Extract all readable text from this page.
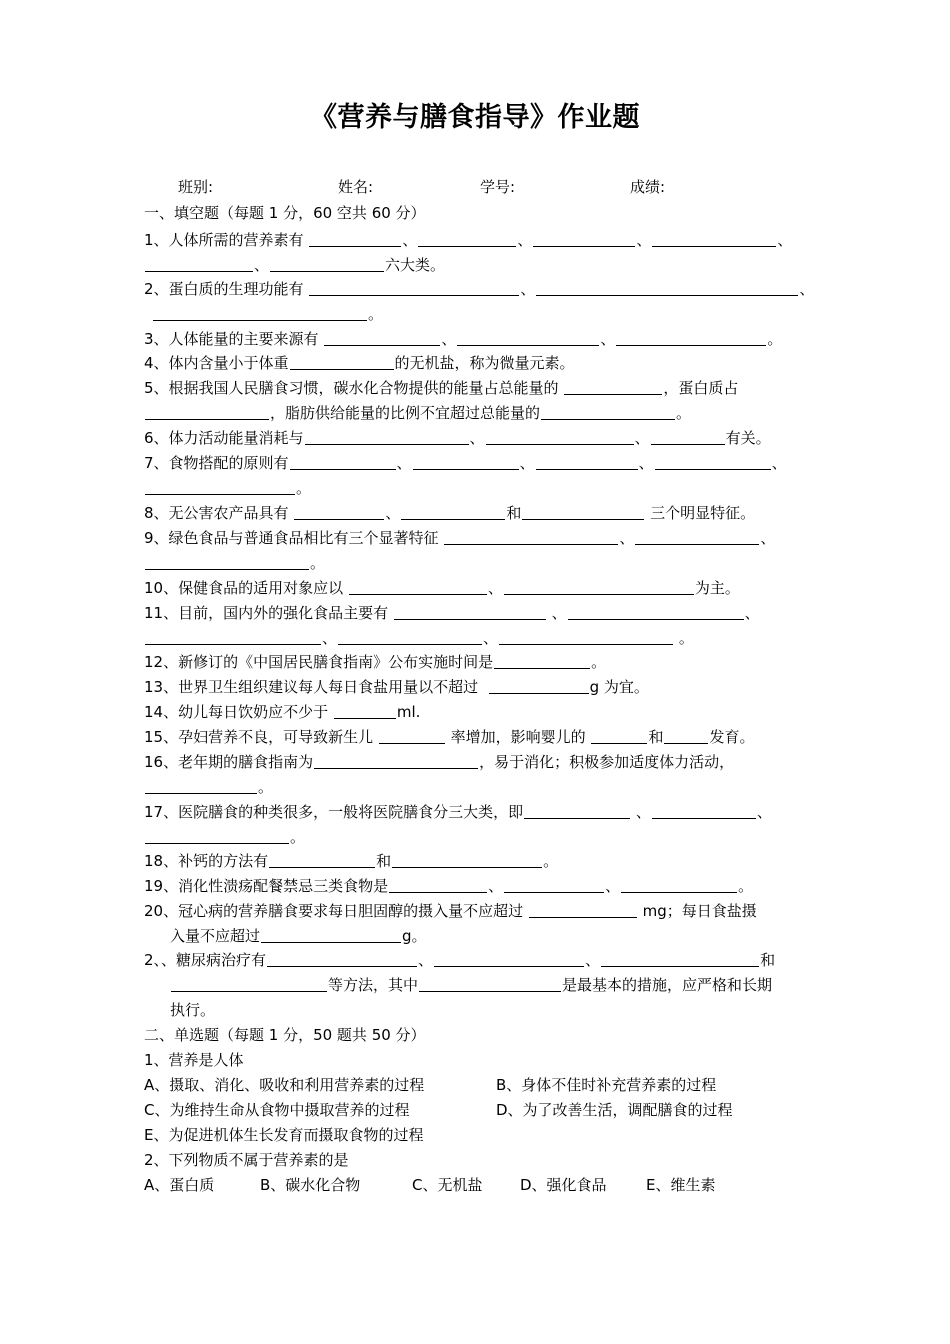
《营养与膳食指导》作业题
班别:	姓名:	学号:	成绩:
一、填空题（每题 1 分，60 空共 60 分）
1、人体所需的营养素有	、	、	、	、
、	六大类。
2、蛋白质的生理功能有	、	、
。
3、人体能量的主要来源有	、	、	。
4、体内含量小于体重	的无机盐，称为微量元素。
5、根据我国人民膳食习惯，碳水化合物提供的能量占总能量的	，蛋白质占
，脂肪供给能量的比例不宜超过总能量的	。
6、体力活动能量消耗与	、	、	有关。
7、食物搭配的原则有	、	、	、	、
。
8、无公害农产品具有	、	和	三个明显特征。
9、绿色食品与普通食品相比有三个显著特征	、	、
。
10、保健食品的适用对象应以	、	为主。
11、目前，国内外的强化食品主要有	、	、
、	、	。
12、新修订的《中国居民膳食指南》公布实施时间是	。
13、世界卫生组织建议每人每日食盐用量以不超过	g 为宜。
14、幼儿每日饮奶应不少于	ml.
15、孕妇营养不良，可导致新生儿	率增加，影响婴儿的	和	发育。
16、老年期的膳食指南为	，易于消化；积极参加适度体力活动，
。
17、医院膳食的种类很多，一般将医院膳食分三大类，即	、	、
。
18、补钙的方法有	和	。
19、消化性溃疡配餐禁忌三类食物是	、	、	。
20、冠心病的营养膳食要求每日胆固醇的摄入量不应超过	mg；每日食盐摄
入量不应超过	g。
2、、糖尿病治疗有	、	、	和
等方法，其中	是最基本的措施，应严格和长期
执行。
二、单选题（每题 1 分，50 题共 50 分）
1、营养是人体
A、摄取、消化、吸收和利用营养素的过程	B、身体不佳时补充营养素的过程
C、为维持生命从食物中摄取营养的过程	D、为了改善生活，调配膳食的过程
E、为促进机体生长发育而摄取食物的过程
2、下列物质不属于营养素的是
A、蛋白质	B、碳水化合物	C、无机盐	D、强化食品	E、维生素
